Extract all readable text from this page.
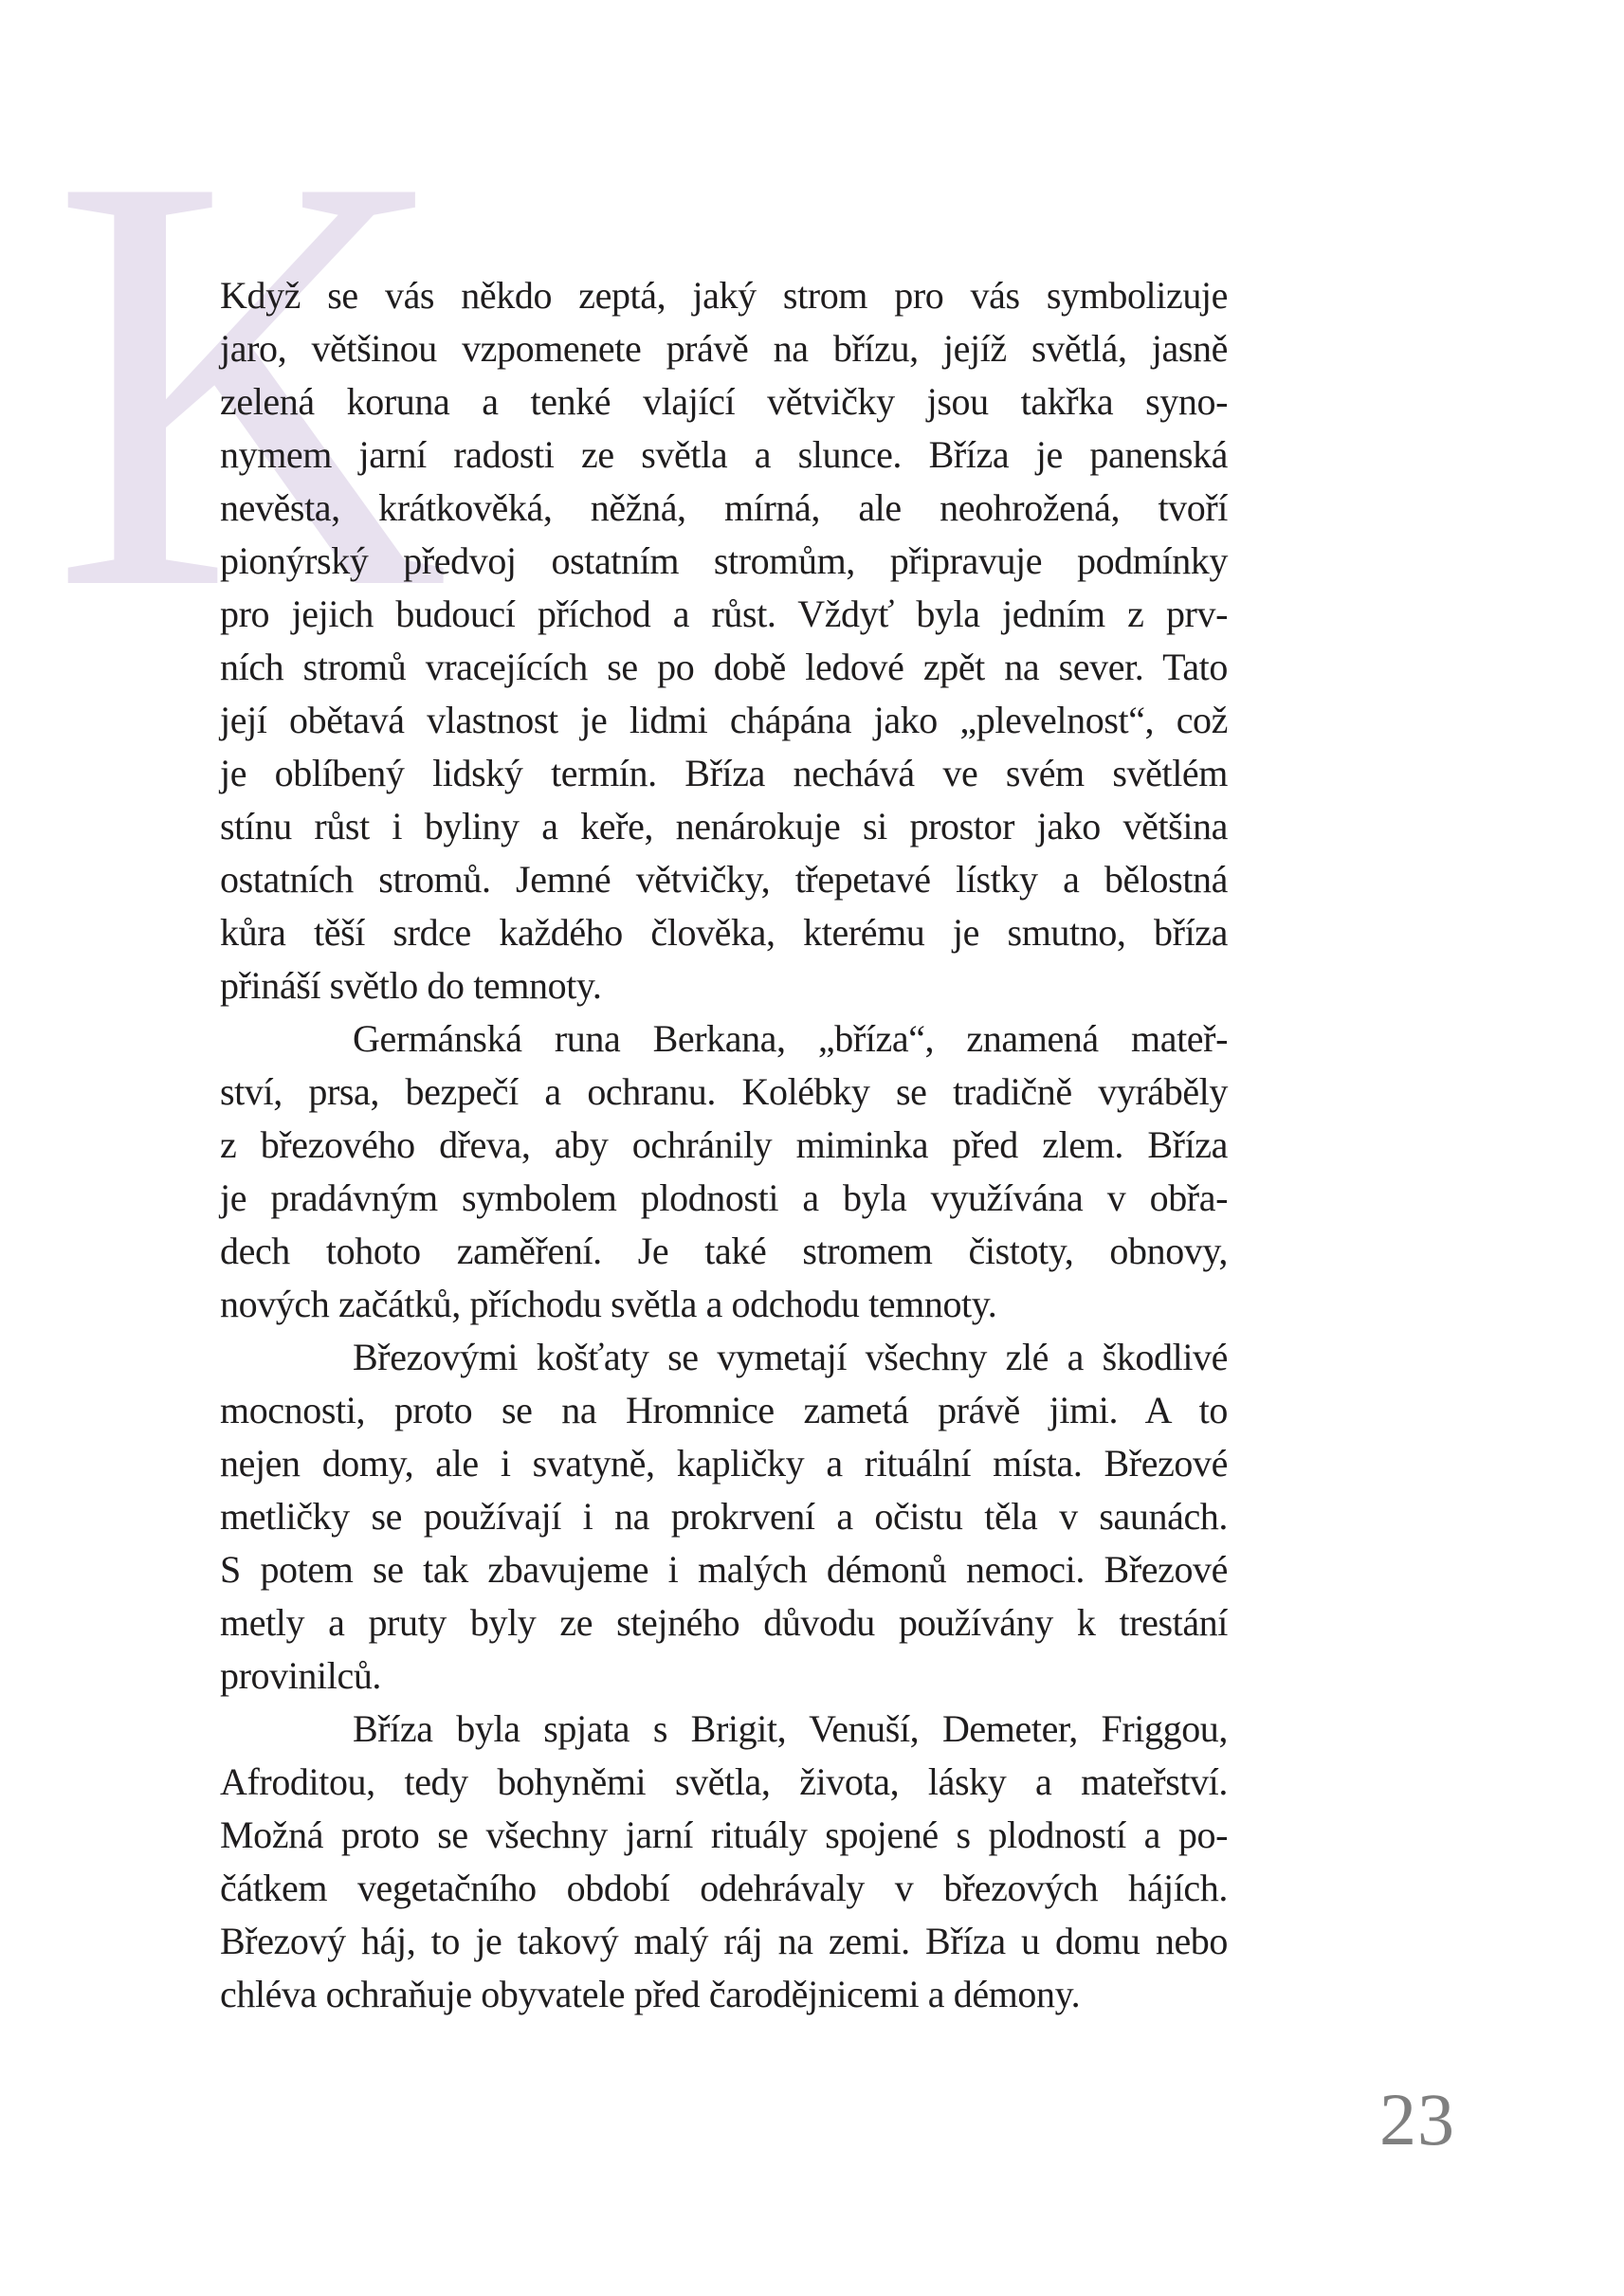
K
Když se vás někdo zeptá, jaký strom pro vás symbolizuje
jaro, většinou vzpomenete právě na břízu, jejíž světlá, jasně
zelená koruna a tenké vlající větvičky jsou takřka syno-
nymem jarní radosti ze světla a slunce. Bříza je panenská
nevěsta, krátkověká, něžná, mírná, ale neohrožená, tvoří
pionýrský předvoj ostatním stromům, připravuje podmínky
pro jejich budoucí příchod a růst. Vždyť byla jedním z prv-
ních stromů vracejících se po době ledové zpět na sever. Tato
její obětavá vlastnost je lidmi chápána jako „plevelnost“, což
je oblíbený lidský termín. Bříza nechává ve svém světlém
stínu růst i byliny a keře, nenárokuje si prostor jako většina
ostatních stromů. Jemné větvičky, třepetavé lístky a bělostná
kůra těší srdce každého člověka, kterému je smutno, bříza
přináší světlo do temnoty.
Germánská runa Berkana, „bříza“, znamená mateř-
ství, prsa, bezpečí a ochranu. Kolébky se tradičně vyráběly
z březového dřeva, aby ochránily miminka před zlem. Bříza
je pradávným symbolem plodnosti a byla využívána v obřa-
dech tohoto zaměření. Je také stromem čistoty, obnovy,
nových začátků, příchodu světla a odchodu temnoty.
Březovými košťaty se vymetají všechny zlé a škodlivé
mocnosti, proto se na Hromnice zametá právě jimi. A to
nejen domy, ale i svatyně, kapličky a rituální místa. Březové
metličky se používají i na prokrvení a očistu těla v saunách.
S potem se tak zbavujeme i malých démonů nemoci. Březové
metly a pruty byly ze stejného důvodu používány k trestání
provinilců.
Bříza byla spjata s Brigit, Venuší, Demeter, Friggou,
Afroditou, tedy bohyněmi světla, života, lásky a mateřství.
Možná proto se všechny jarní rituály spojené s plodností a po-
čátkem vegetačního období odehrávaly v březových hájích.
Březový háj, to je takový malý ráj na zemi. Bříza u domu nebo
chléva ochraňuje obyvatele před čarodějnicemi a démony.
23
